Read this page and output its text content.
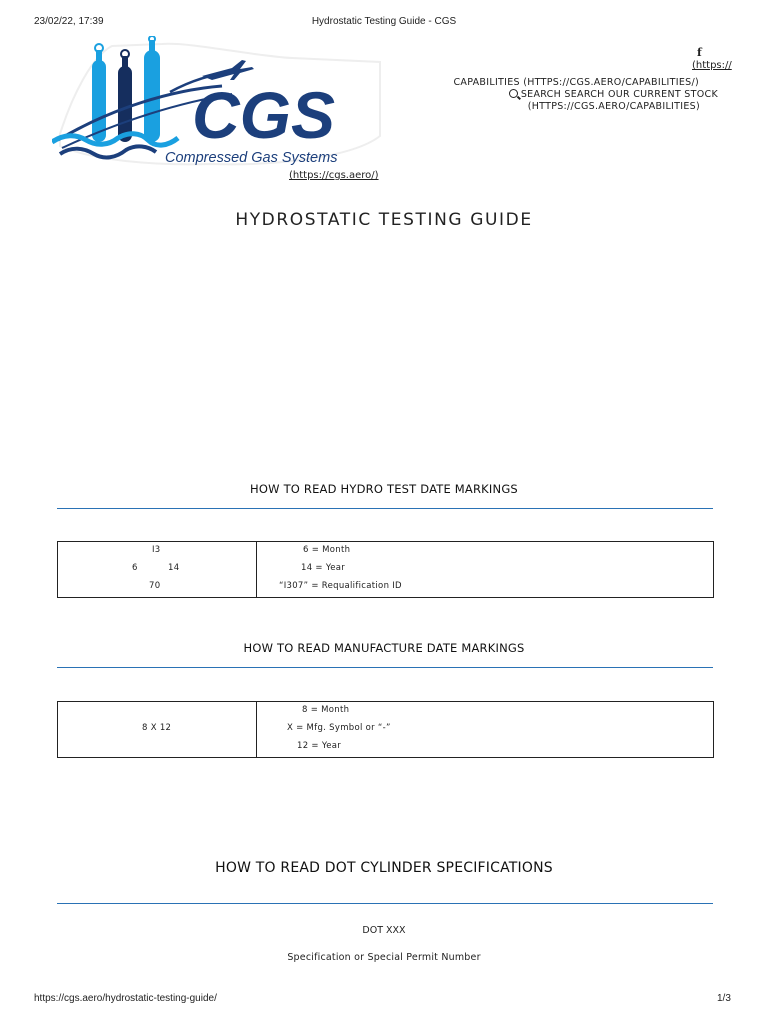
23/02/22, 17:39	Hydrostatic Testing Guide - CGS
CGS
Compressed Gas Systems
(https://cgs.aero/)
f
(https://
CAPABILITIES (HTTPS://CGS.AERO/CAPABILITIES/)
SEARCH SEARCH OUR CURRENT STOCK
(HTTPS://CGS.AERO/CAPABILITIES)
HYDROSTATIC TESTING GUIDE
HOW TO READ HYDRO TEST DATE MARKINGS
I3
6	14
70

6 = Month
14 = Year
“I307” = Requalification ID
HOW TO READ MANUFACTURE DATE MARKINGS
8 X 12

8 = Month
X = Mfg. Symbol or “-”
12 = Year
HOW TO READ DOT CYLINDER SPECIFICATIONS
DOT XXX
Specification or Special Permit Number
https://cgs.aero/hydrostatic-testing-guide/	1/3
